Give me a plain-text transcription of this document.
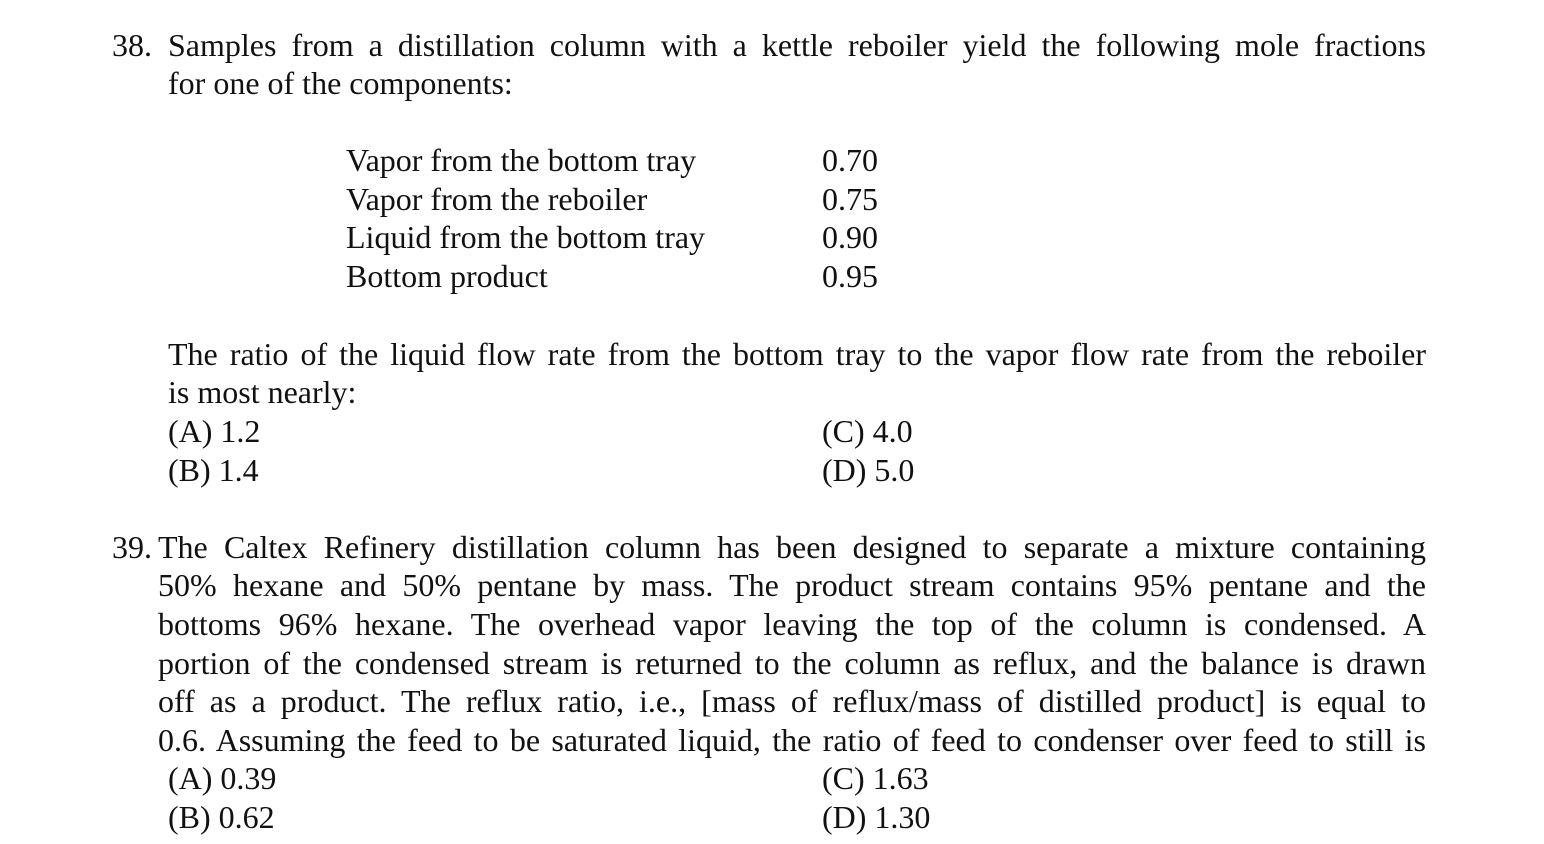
38. Samples from a distillation column with a kettle reboiler yield the following mole fractions
for one of the components:
Vapor from the bottom tray	0.70
Vapor from the reboiler	0.75
Liquid from the bottom tray	0.90
Bottom product	0.95
The ratio of the liquid flow rate from the bottom tray to the vapor flow rate from the reboiler
is most nearly:
(A) 1.2
(B) 1.4
(C) 4.0
(D) 5.0
39. The Caltex Refinery distillation column has been designed to separate a mixture containing
50% hexane and 50% pentane by mass. The product stream contains 95% pentane and the
bottoms 96% hexane. The overhead vapor leaving the top of the column is condensed. A
portion of the condensed stream is returned to the column as reflux, and the balance is drawn
off as a product. The reflux ratio, i.e., [mass of reflux/mass of distilled product] is equal to
0.6. Assuming the feed to be saturated liquid, the ratio of feed to condenser over feed to still is
(A) 0.39
(B) 0.62
(C) 1.63
(D) 1.30
